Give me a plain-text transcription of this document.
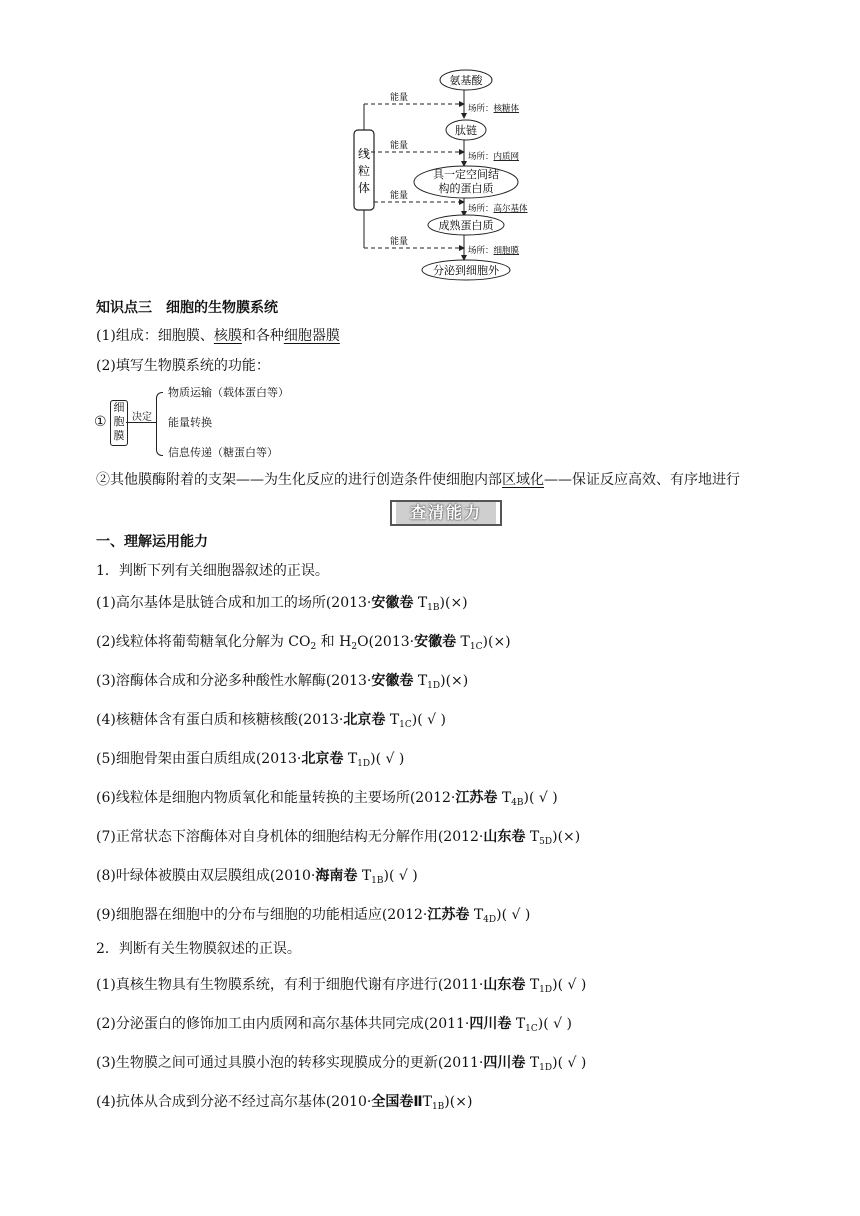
线
粒
体
能量
能量
能量
能量
氨基酸
肽链
具一定空间结
构的蛋白质
成熟蛋白质
分泌到细胞外
场所：核糖体
场所：内质网
场所：高尔基体
场所：细胞膜
知识点三　细胞的生物膜系统
(1)组成：细胞膜、核膜和各种细胞器膜
(2)填写生物膜系统的功能：
①
细
胞
膜
决定
物质运输（载体蛋白等）
能量转换
信息传递（糖蛋白等）
②其他膜酶附着的支架——为生化反应的进行创造条件使细胞内部区域化——保证反应高效、有序地进行
查清能力
一、理解运用能力
1．判断下列有关细胞器叙述的正误。
(1)高尔基体是肽链合成和加工的场所(2013·安徽卷 $T_{1B})(\times)$
(2)线粒体将葡萄糖氧化分解为 $CO_2$ 和 $H_2O(2013\cdot$安徽卷 $T_{1C})(\times)$
(3)溶酶体合成和分泌多种酸性水解酶(2013·安徽卷 $T_{1D})(\times)$
(4)核糖体含有蛋白质和核糖核酸(2013·北京卷 $T_{1C}$)( √ )
(5)细胞骨架由蛋白质组成(2013·北京卷 $T_{1D}$)( √ )
(6)线粒体是细胞内物质氧化和能量转换的主要场所(2012·江苏卷 $T_{4B}$)( √ )
(7)正常状态下溶酶体对自身机体的细胞结构无分解作用(2012·山东卷 $T_{5D})(\times)$
(8)叶绿体被膜由双层膜组成(2010·海南卷 $T_{1B}$)( √ )
(9)细胞器在细胞中的分布与细胞的功能相适应(2012·江苏卷 $T_{4D}$)( √ )
2．判断有关生物膜叙述的正误。
(1)真核生物具有生物膜系统，有利于细胞代谢有序进行(2011·山东卷 $T_{1D}$)( √ )
(2)分泌蛋白的修饰加工由内质网和高尔基体共同完成(2011·四川卷 $T_{1C}$)( √ )
(3)生物膜之间可通过具膜小泡的转移实现膜成分的更新(2011·四川卷 $T_{1D}$)( √ )
(4)抗体从合成到分泌不经过高尔基体(2010·全国卷$ⅡT_{1B})(\times)$
